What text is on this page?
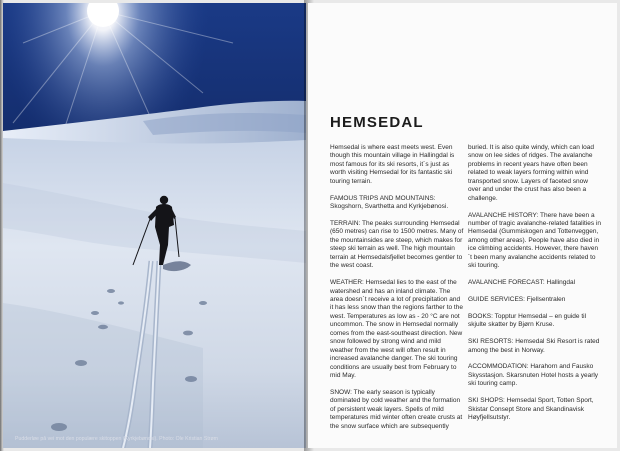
Pudderløe på vei mot den populære skitoppen (Kyrkjebønosi). Photo: Ole Kristian Strøm
HEMSEDAL

Hemsedal is where east meets west. Even though this mountain village in Hallingdal is most famous for its ski resorts, it´s just as worth visiting Hemsedal for its fantastic ski touring terrain.

FAMOUS TRIPS AND MOUNTAINS: Skogshorn, Svarthetta and Kyrkjebønosi.

TERRAIN: The peaks surrounding Hemsedal (650 metres) can rise to 1500 metres. Many of the mountainsides are steep, which makes for steep ski terrain as well. The high mountain terrain at Hemsedalsfjellet becomes gentler to the west coast.

WEATHER: Hemsedal lies to the east of the watershed and has an inland climate. The area doesn´t receive a lot of precipitation and it has less snow than the regions farther to the west. Temperatures as low as - 20 °C are not uncommon. The snow in Hemsedal normally comes from the east-southeast direction. New snow followed by strong wind and mild weather from the west will often result in increased avalanche danger. The ski touring conditions are usually best from February to mid May.

SNOW: The early season is typically dominated by cold weather and the formation of persistent weak layers. Spells of mild temperatures mid winter often create crusts at the snow surface which are subsequently

buried. It is also quite windy, which can load snow on lee sides of ridges. The avalanche problems in recent years have often been related to weak layers forming within wind transported snow. Layers of faceted snow over and under the crust has also been a challenge.

AVALANCHE HISTORY: There have been a number of tragic avalanche-related fatalities in Hemsedal (Gummiskogen and Tottenveggen, among other areas). People have also died in ice climbing accidents. However, there haven´t been many avalanche accidents related to ski touring.

AVALANCHE FORECAST: Hallingdal

GUIDE SERVICES: Fjellsentralen

BOOKS: Topptur Hemsedal – en guide til skjulte skatter by Bjørn Kruse.

SKI RESORTS: Hemsedal Ski Resort is rated among the best in Norway.

ACCOMMODATION: Harahorn and Fausko Skysstasjon. Skarsnuten Hotel hosts a yearly ski touring camp.

SKI SHOPS: Hemsedal Sport, Totten Sport, Skistar Consept Store and Skandinavisk Høyfjellsutstyr.
